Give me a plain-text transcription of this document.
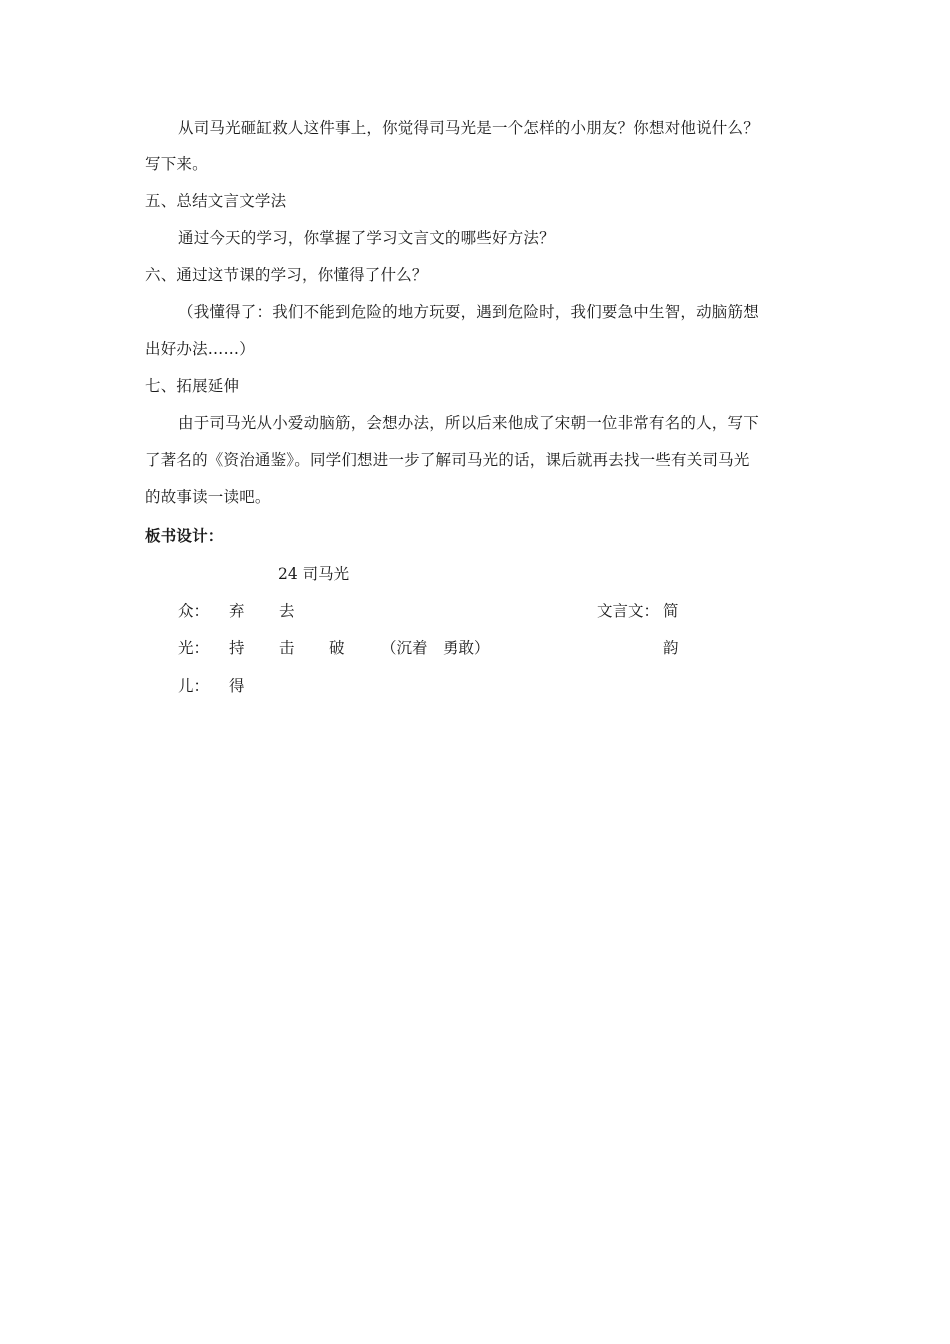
从司马光砸缸救人这件事上，你觉得司马光是一个怎样的小朋友？你想对他说什么？
写下来。
五、总结文言文学法
通过今天的学习，你掌握了学习文言文的哪些好方法？
六、通过这节课的学习，你懂得了什么？
（我懂得了：我们不能到危险的地方玩耍，遇到危险时，我们要急中生智，动脑筋想
出好办法……）
七、拓展延伸
由于司马光从小爱动脑筋，会想办法，所以后来他成了宋朝一位非常有名的人，写下
了著名的《资治通鉴》。同学们想进一步了解司马光的话，课后就再去找一些有关司马光
的故事读一读吧。
板书设计：
24 司马光
众： 弃 去	文言文： 简
光： 持 击 破 （沉着　勇敢）	韵
儿： 得
